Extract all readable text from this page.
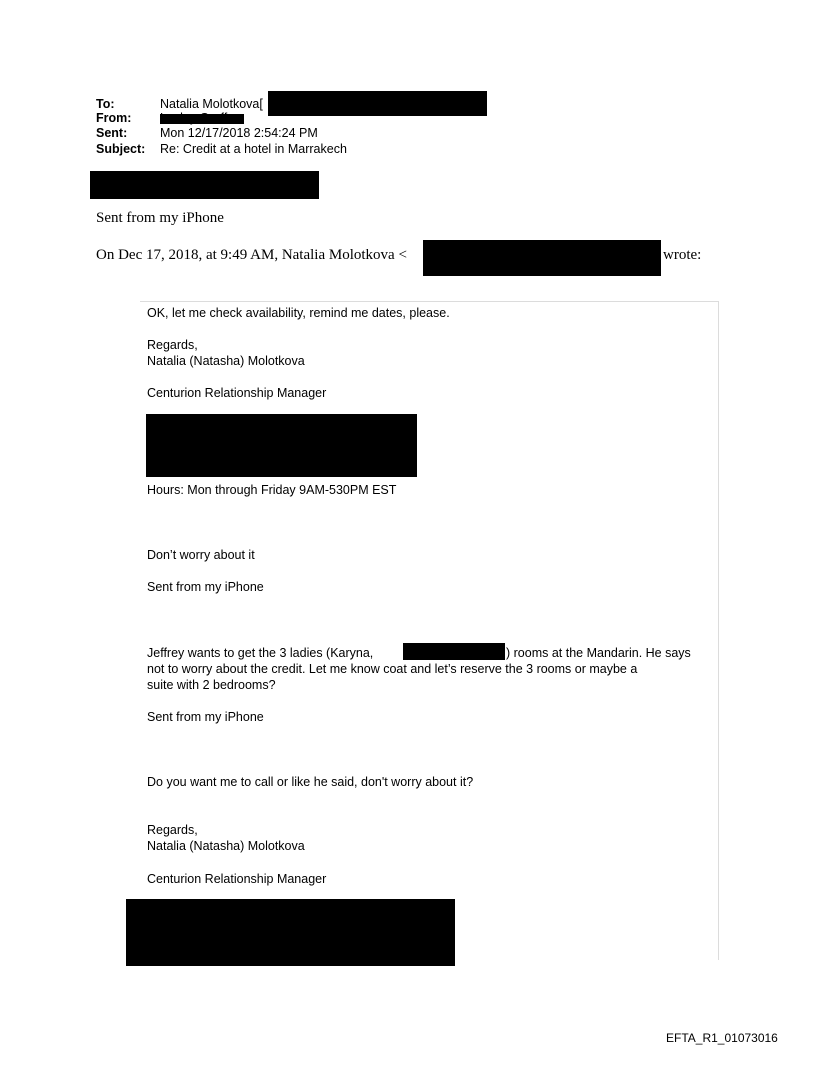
To:	Natalia Molotkova[
From:
Sent:	Mon 12/17/2018 2:54:24 PM
Subject: Re: Credit at a hotel in Marrakech
Sent from my iPhone
On Dec 17, 2018, at 9:49 AM, Natalia Molotkova <	wrote:
OK, let me check availability, remind me dates, please.
Regards,
Natalia (Natasha) Molotkova
Centurion Relationship Manager
Hours: Mon through Friday 9AM-530PM EST
Don’t worry about it
Sent from my iPhone
Jeffrey wants to get the 3 ladies (Karyna,	) rooms at the Mandarin. He says
not to worry about the credit. Let me know coat and let’s reserve the 3 rooms or maybe a
suite with 2 bedrooms?
Sent from my iPhone
Do you want me to call or like he said, don't worry about it?
Regards,
Natalia (Natasha) Molotkova
Centurion Relationship Manager
EFTA_R1_01073016
